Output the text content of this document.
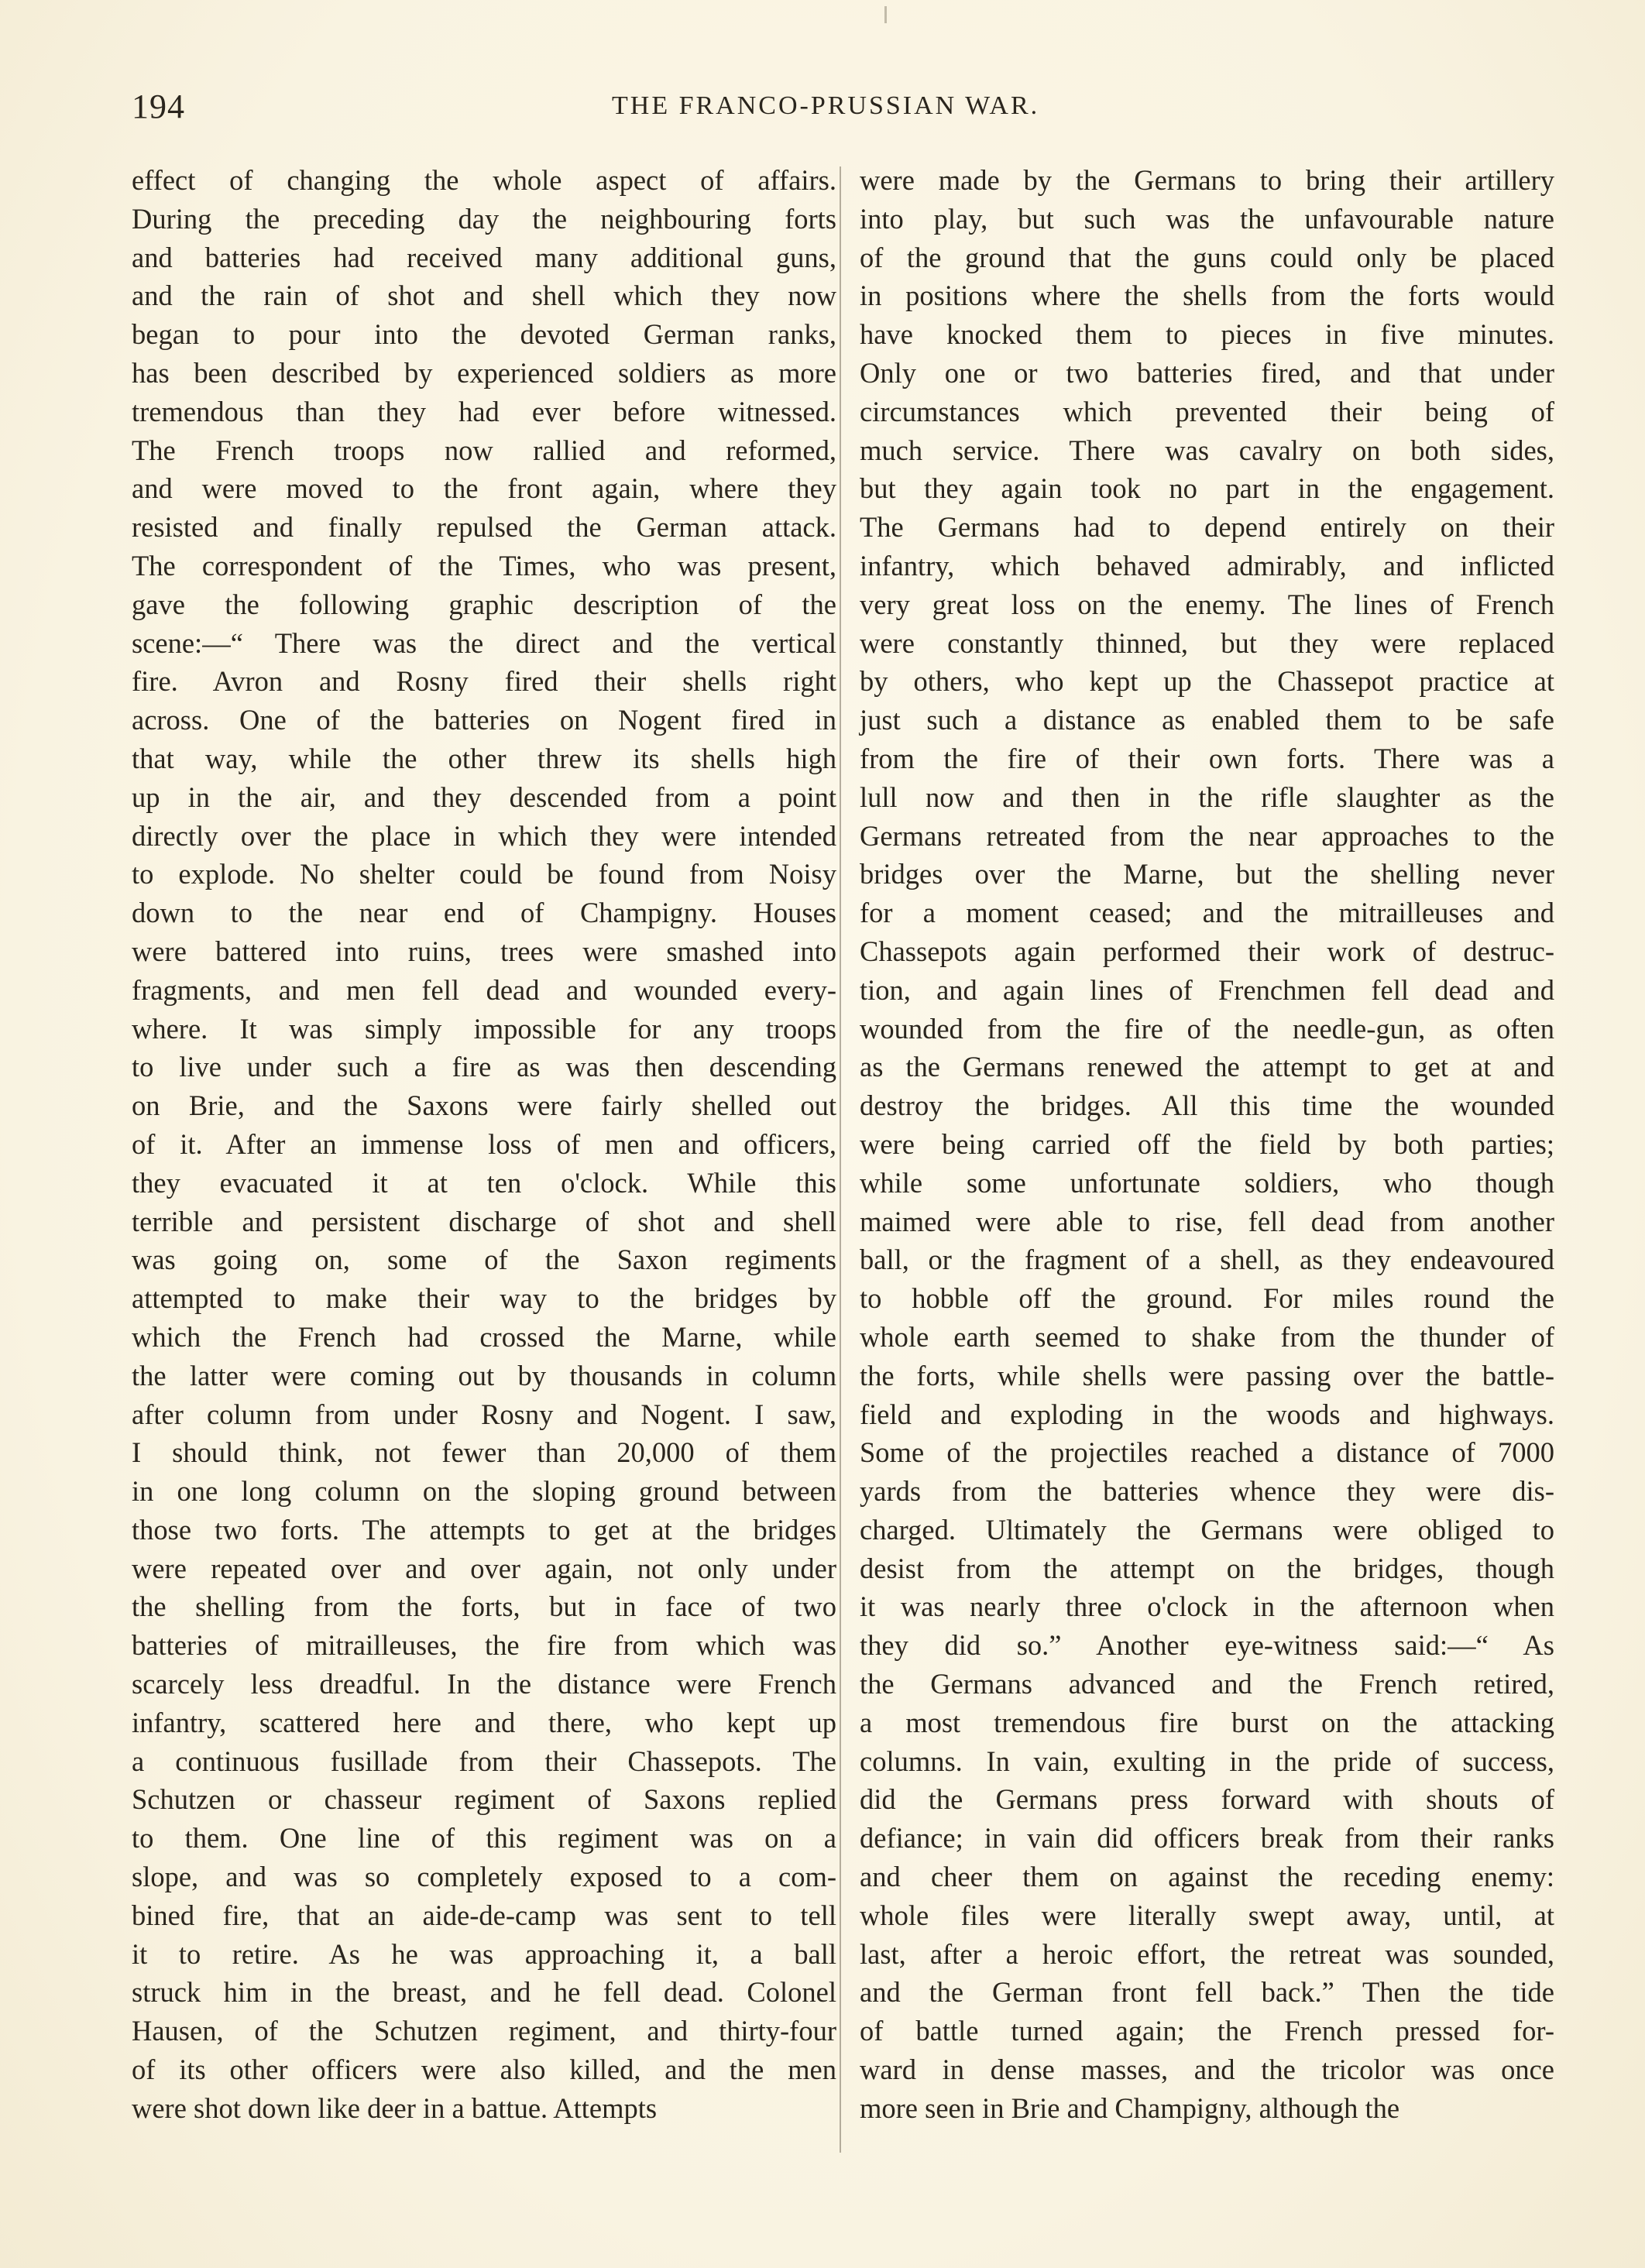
194	THE FRANCO-PRUSSIAN WAR.
effect of changing the whole aspect of affairs.
During the preceding day the neighbouring forts
and batteries had received many additional guns,
and the rain of shot and shell which they now
began to pour into the devoted German ranks,
has been described by experienced soldiers as more
tremendous than they had ever before witnessed.
The French troops now rallied and reformed,
and were moved to the front again, where they
resisted and finally repulsed the German attack.
The correspondent of the Times, who was present,
gave the following graphic description of the
scene:—“ There was the direct and the vertical
fire. Avron and Rosny fired their shells right
across. One of the batteries on Nogent fired in
that way, while the other threw its shells high
up in the air, and they descended from a point
directly over the place in which they were intended
to explode. No shelter could be found from Noisy
down to the near end of Champigny. Houses
were battered into ruins, trees were smashed into
fragments, and men fell dead and wounded every-
where. It was simply impossible for any troops
to live under such a fire as was then descending
on Brie, and the Saxons were fairly shelled out
of it. After an immense loss of men and officers,
they evacuated it at ten o'clock. While this
terrible and persistent discharge of shot and shell
was going on, some of the Saxon regiments
attempted to make their way to the bridges by
which the French had crossed the Marne, while
the latter were coming out by thousands in column
after column from under Rosny and Nogent. I saw,
I should think, not fewer than 20,000 of them
in one long column on the sloping ground between
those two forts. The attempts to get at the bridges
were repeated over and over again, not only under
the shelling from the forts, but in face of two
batteries of mitrailleuses, the fire from which was
scarcely less dreadful. In the distance were French
infantry, scattered here and there, who kept up
a continuous fusillade from their Chassepots. The
Schutzen or chasseur regiment of Saxons replied
to them. One line of this regiment was on a
slope, and was so completely exposed to a com-
bined fire, that an aide-de-camp was sent to tell
it to retire. As he was approaching it, a ball
struck him in the breast, and he fell dead. Colonel
Hausen, of the Schutzen regiment, and thirty-four
of its other officers were also killed, and the men
were shot down like deer in a battue. Attempts
were made by the Germans to bring their artillery
into play, but such was the unfavourable nature
of the ground that the guns could only be placed
in positions where the shells from the forts would
have knocked them to pieces in five minutes.
Only one or two batteries fired, and that under
circumstances which prevented their being of
much service. There was cavalry on both sides,
but they again took no part in the engagement.
The Germans had to depend entirely on their
infantry, which behaved admirably, and inflicted
very great loss on the enemy. The lines of French
were constantly thinned, but they were replaced
by others, who kept up the Chassepot practice at
just such a distance as enabled them to be safe
from the fire of their own forts. There was a
lull now and then in the rifle slaughter as the
Germans retreated from the near approaches to the
bridges over the Marne, but the shelling never
for a moment ceased; and the mitrailleuses and
Chassepots again performed their work of destruc-
tion, and again lines of Frenchmen fell dead and
wounded from the fire of the needle-gun, as often
as the Germans renewed the attempt to get at and
destroy the bridges. All this time the wounded
were being carried off the field by both parties;
while some unfortunate soldiers, who though
maimed were able to rise, fell dead from another
ball, or the fragment of a shell, as they endeavoured
to hobble off the ground. For miles round the
whole earth seemed to shake from the thunder of
the forts, while shells were passing over the battle-
field and exploding in the woods and highways.
Some of the projectiles reached a distance of 7000
yards from the batteries whence they were dis-
charged. Ultimately the Germans were obliged to
desist from the attempt on the bridges, though
it was nearly three o'clock in the afternoon when
they did so.” Another eye-witness said:—“ As
the Germans advanced and the French retired,
a most tremendous fire burst on the attacking
columns. In vain, exulting in the pride of success,
did the Germans press forward with shouts of
defiance; in vain did officers break from their ranks
and cheer them on against the receding enemy:
whole files were literally swept away, until, at
last, after a heroic effort, the retreat was sounded,
and the German front fell back.” Then the tide
of battle turned again; the French pressed for-
ward in dense masses, and the tricolor was once
more seen in Brie and Champigny, although the
